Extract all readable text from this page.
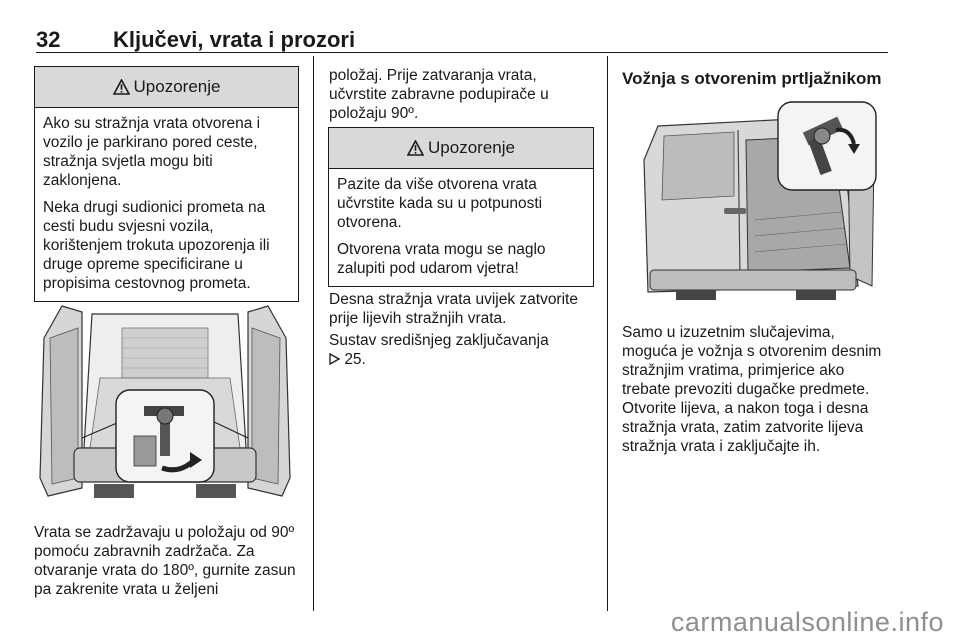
32 Ključevi, vrata i prozori
Upozorenje

Ako su stražnja vrata otvorena i vozilo je parkirano pored ceste, stražnja svjetla mogu biti zaklonjena.

Neka drugi sudionici prometa na cesti budu svjesni vozila, korištenjem trokuta upozorenja ili druge opreme specificirane u propisima cestovnog prometa.

Vrata se zadržavaju u položaju od 90º pomoću zabravnih zadržača. Za otvaranje vrata do 180º, gurnite zasun pa zakrenite vrata u željeni
položaj. Prije zatvaranja vrata, učvrstite zabravne podupirače u položaju 90º.
Upozorenje

Pazite da više otvorena vrata učvrstite kada su u potpunosti otvorena.

Otvorena vrata mogu se naglo zalupiti pod udarom vjetra!

Desna stražnja vrata uvijek zatvorite prije lijevih stražnjih vrata.
Sustav središnjeg zaključavanja

25.
Vožnja s otvorenim prtljažnikom
Samo u izuzetnim slučajevima, moguća je vožnja s otvorenim desnim stražnjim vratima, primjerice ako trebate prevoziti dugačke predmete. Otvorite lijeva, a nakon toga i desna stražnja vrata, zatim zatvorite lijeva stražnja vrata i zaključajte ih.
carmanualsonline.info
